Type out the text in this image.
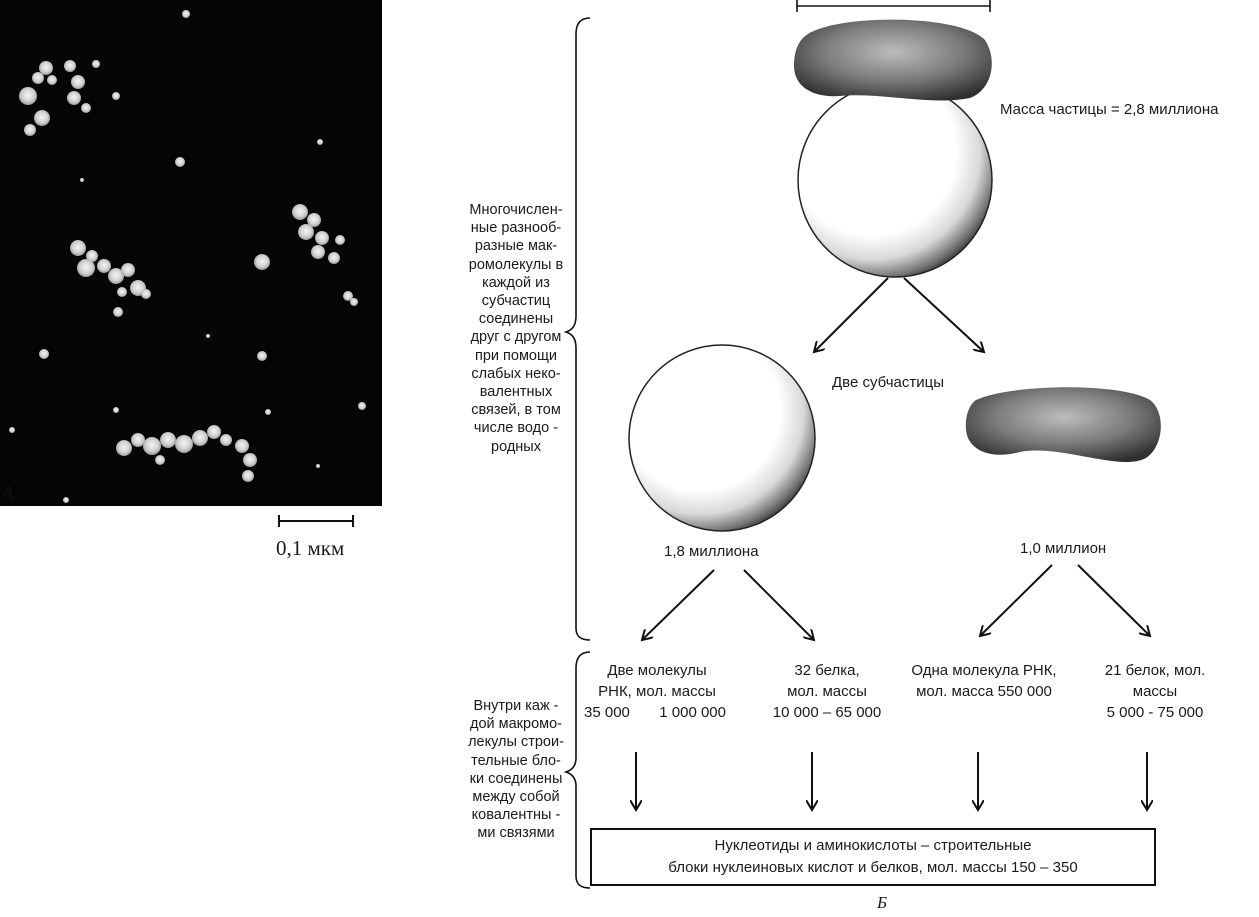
А
0,1 мкм
Масса частицы = 2,8 миллиона
Две субчастицы
1,8 миллиона	1,0 миллион
Многочислен-
ные разнооб-
разные мак-
ромолекулы в
каждой из
субчастиц
соединены
друг с другом
при помощи
слабых неко-
валентных
связей, в том
числе водо -
родных
Внутри каж -
дой макромо-
лекулы строи-
тельные бло-
ки соединены
между собой
ковалентны -
ми связями
Две молекулы
РНК, мол. массы
35 000 1 000 000
32 белка,
мол. массы
10 000 – 65 000
Одна молекула РНК,
мол. масса 550 000
21 белок, мол.
массы
5 000 - 75 000
Нуклеотиды и аминокислоты – строительные
блоки нуклеиновых кислот и белков, мол. массы 150 – 350
Б
